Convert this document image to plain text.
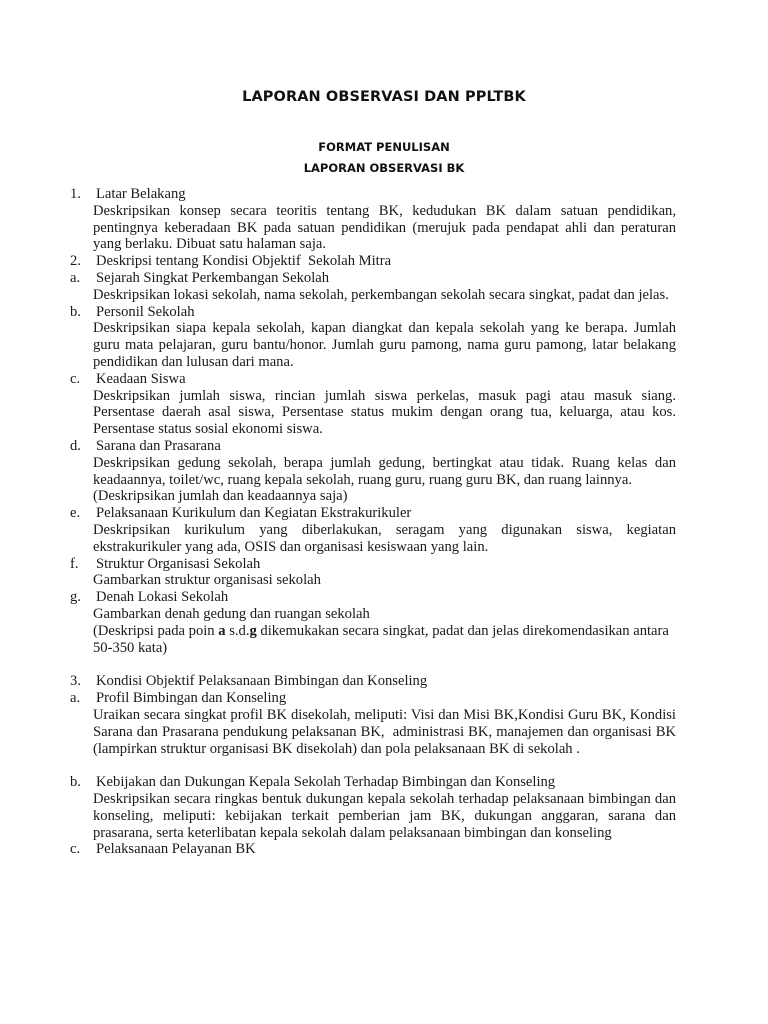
LAPORAN OBSERVASI DAN PPLTBK
FORMAT PENULISAN
LAPORAN OBSERVASI BK
1. Latar Belakang
Deskripsikan konsep secara teoritis tentang BK, kedudukan BK dalam satuan pendidikan, pentingnya keberadaan BK pada satuan pendidikan (merujuk pada pendapat ahli dan peraturan yang berlaku. Dibuat satu halaman saja.
2. Deskripsi tentang Kondisi Objektif  Sekolah Mitra
a. Sejarah Singkat Perkembangan Sekolah
Deskripsikan lokasi sekolah, nama sekolah, perkembangan sekolah secara singkat, padat dan jelas.
b. Personil Sekolah
Deskripsikan siapa kepala sekolah, kapan diangkat dan kepala sekolah yang ke berapa. Jumlah guru mata pelajaran, guru bantu/honor. Jumlah guru pamong, nama guru pamong, latar belakang pendidikan dan lulusan dari mana.
c. Keadaan Siswa
Deskripsikan jumlah siswa, rincian jumlah siswa perkelas, masuk pagi atau masuk siang. Persentase daerah asal siswa, Persentase status mukim dengan orang tua, keluarga, atau kos. Persentase status sosial ekonomi siswa.
d. Sarana dan Prasarana
Deskripsikan gedung sekolah, berapa jumlah gedung, bertingkat atau tidak. Ruang kelas dan keadaannya, toilet/wc, ruang kepala sekolah, ruang guru, ruang guru BK, dan ruang lainnya.
(Deskripsikan jumlah dan keadaannya saja)
e. Pelaksanaan Kurikulum dan Kegiatan Ekstrakurikuler
Deskripsikan kurikulum yang diberlakukan, seragam yang digunakan siswa, kegiatan ekstrakurikuler yang ada, OSIS dan organisasi kesiswaan yang lain.
f. Struktur Organisasi Sekolah
Gambarkan struktur organisasi sekolah
g. Denah Lokasi Sekolah
Gambarkan denah gedung dan ruangan sekolah
(Deskripsi pada poin a s.d.g dikemukakan secara singkat, padat dan jelas direkomendasikan antara 50-350 kata)
3. Kondisi Objektif Pelaksanaan Bimbingan dan Konseling
a. Profil Bimbingan dan Konseling
Uraikan secara singkat profil BK disekolah, meliputi: Visi dan Misi BK,Kondisi Guru BK, Kondisi Sarana dan Prasarana pendukung pelaksanan BK,  administrasi BK, manajemen dan organisasi BK (lampirkan struktur organisasi BK disekolah) dan pola pelaksanaan BK di sekolah .
b. Kebijakan dan Dukungan Kepala Sekolah Terhadap Bimbingan dan Konseling
Deskripsikan secara ringkas bentuk dukungan kepala sekolah terhadap pelaksanaan bimbingan dan konseling, meliputi: kebijakan terkait pemberian jam BK, dukungan anggaran, sarana dan prasarana, serta keterlibatan kepala sekolah dalam pelaksanaan bimbingan dan konseling
c. Pelaksanaan Pelayanan BK
